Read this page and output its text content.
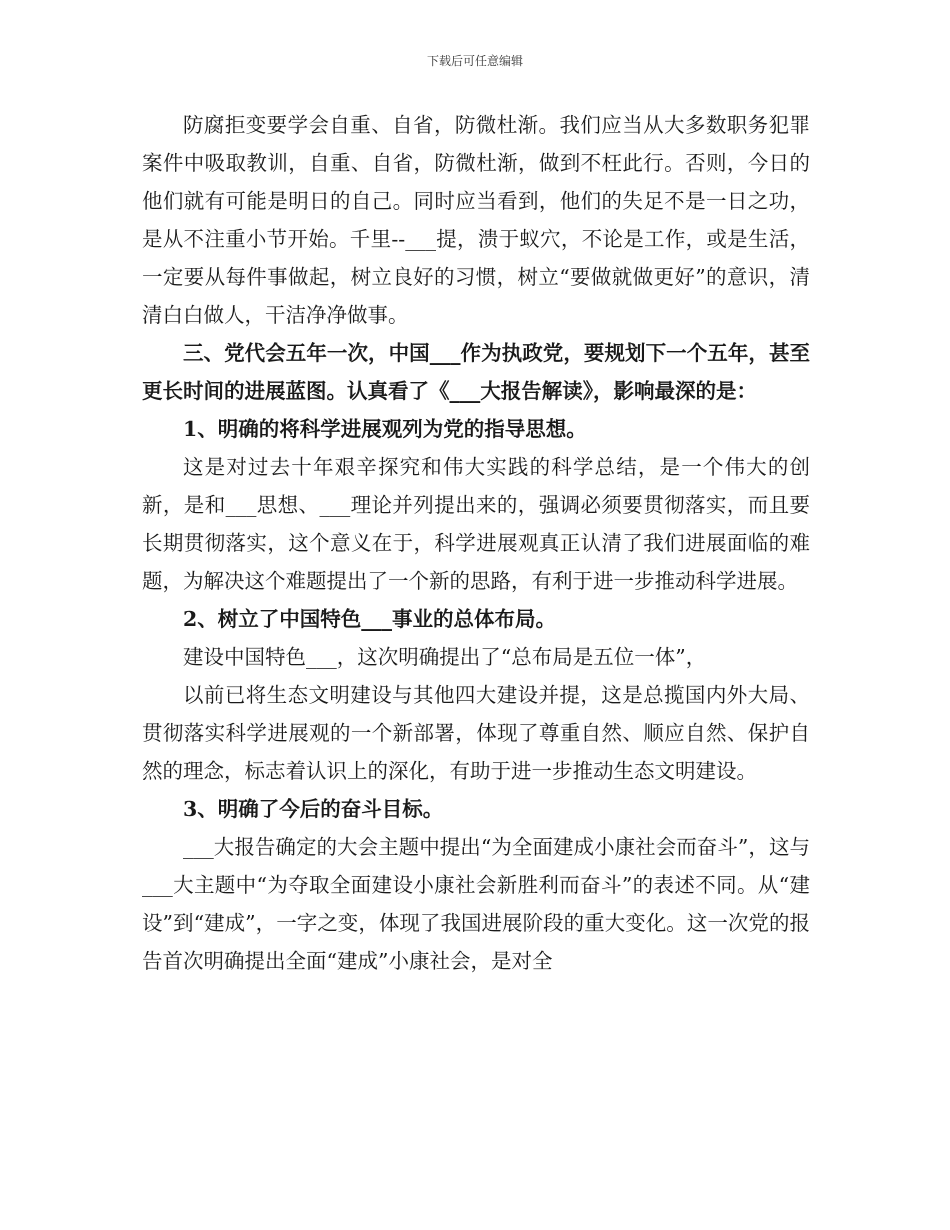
下载后可任意编辑

防腐拒变要学会自重、自省，防微杜渐。我们应当从大多数职务犯罪案件中吸取教训，自重、自省，防微杜渐，做到不枉此行。否则，今日的他们就有可能是明日的自己。同时应当看到，他们的失足不是一日之功，是从不注重小节开始。千里--___提，溃于蚁穴，不论是工作，或是生活，一定要从每件事做起，树立良好的习惯，树立“要做就做更好”的意识，清清白白做人，干洁净净做事。

三、党代会五年一次，中国___作为执政党，要规划下一个五年，甚至更长时间的进展蓝图。认真看了《___大报告解读》，影响最深的是：

1、明确的将科学进展观列为党的指导思想。

这是对过去十年艰辛探究和伟大实践的科学总结，是一个伟大的创新，是和___思想、___理论并列提出来的，强调必须要贯彻落实，而且要长期贯彻落实，这个意义在于，科学进展观真正认清了我们进展面临的难题，为解决这个难题提出了一个新的思路，有利于进一步推动科学进展。

2、树立了中国特色___事业的总体布局。

建设中国特色___，这次明确提出了“总布局是五位一体”，

以前已将生态文明建设与其他四大建设并提，这是总揽国内外大局、贯彻落实科学进展观的一个新部署，体现了尊重自然、顺应自然、保护自然的理念，标志着认识上的深化，有助于进一步推动生态文明建设。

3、明确了今后的奋斗目标。

___大报告确定的大会主题中提出“为全面建成小康社会而奋斗”，这与___大主题中“为夺取全面建设小康社会新胜利而奋斗”的表述不同。从“建设”到“建成”，一字之变，体现了我国进展阶段的重大变化。这一次党的报告首次明确提出全面“建成”小康社会，是对全
